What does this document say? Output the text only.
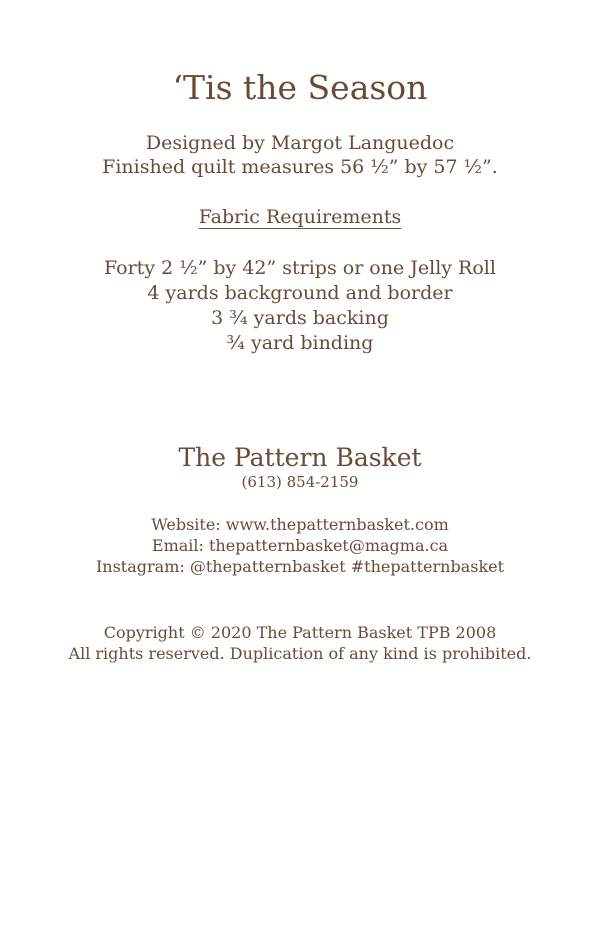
‘Tis the Season
Designed by Margot Languedoc
Finished quilt measures 56 ½” by 57 ½”.
Fabric Requirements
Forty 2 ½” by 42” strips or one Jelly Roll
4 yards background and border
3 ¾ yards backing
¾ yard binding
The Pattern Basket
(613) 854-2159
Website: www.thepatternbasket.com
Email: thepatternbasket@magma.ca
Instagram: @thepatternbasket #thepatternbasket
Copyright © 2020 The Pattern Basket TPB 2008
All rights reserved. Duplication of any kind is prohibited.
